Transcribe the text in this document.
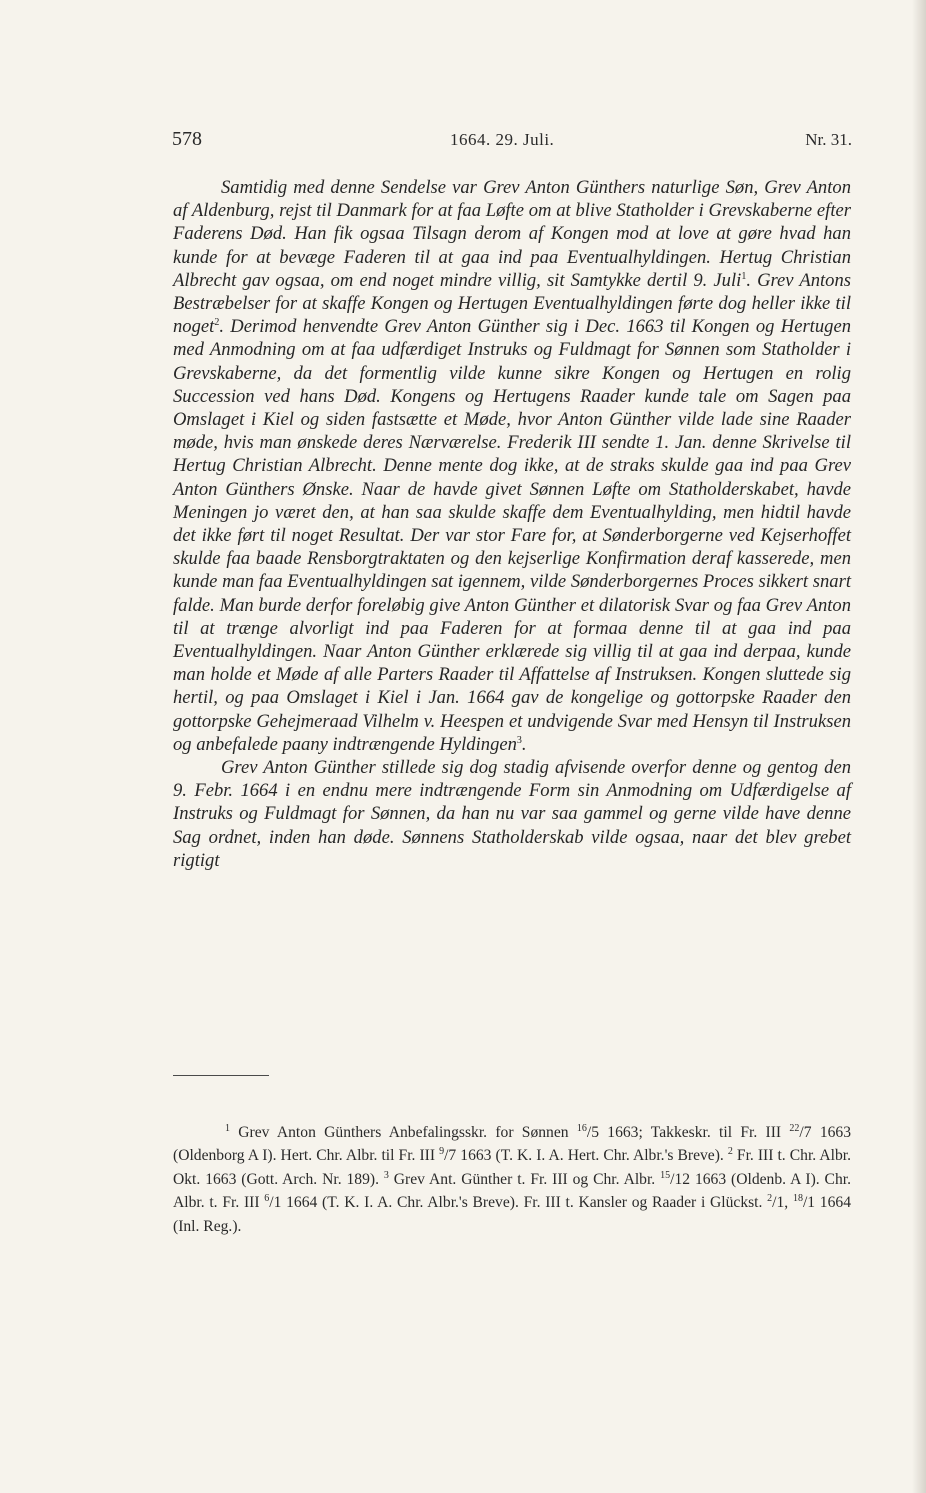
578	1664. 29. Juli.	Nr. 31.

Samtidig med denne Sendelse var Grev Anton Günthers naturlige Søn, Grev Anton af Aldenburg, rejst til Danmark for at faa Løfte om at blive Statholder i Grevskaberne efter Faderens Død. Han fik ogsaa Tilsagn derom af Kongen mod at love at gøre hvad han kunde for at bevæge Faderen til at gaa ind paa Eventualhyldingen. Hertug Christian Albrecht gav ogsaa, om end noget mindre villig, sit Samtykke dertil 9. Juli$^1$. Grev Antons Bestræbelser for at skaffe Kongen og Hertugen Eventualhyldingen førte dog heller ikke til noget$^2$. Derimod henvendte Grev Anton Günther sig i Dec. 1663 til Kongen og Hertugen med Anmodning om at faa udfærdiget Instruks og Fuldmagt for Sønnen som Statholder i Grevskaberne, da det formentlig vilde kunne sikre Kongen og Hertugen en rolig Succession ved hans Død. Kongens og Hertugens Raader kunde tale om Sagen paa Omslaget i Kiel og siden fastsætte et Møde, hvor Anton Günther vilde lade sine Raader møde, hvis man ønskede deres Nærværelse. Frederik III sendte 1. Jan. denne Skrivelse til Hertug Christian Albrecht. Denne mente dog ikke, at de straks skulde gaa ind paa Grev Anton Günthers Ønske. Naar de havde givet Sønnen Løfte om Statholderskabet, havde Meningen jo været den, at han saa skulde skaffe dem Eventualhylding, men hidtil havde det ikke ført til noget Resultat. Der var stor Fare for, at Sønderborgerne ved Kejserhoffet skulde faa baade Rensborgtraktaten og den kejserlige Konfirmation deraf kasserede, men kunde man faa Eventualhyldingen sat igennem, vilde Sønderborgernes Proces sikkert snart falde. Man burde derfor foreløbig give Anton Günther et dilatorisk Svar og faa Grev Anton til at trænge alvorligt ind paa Faderen for at formaa denne til at gaa ind paa Eventualhyldingen. Naar Anton Günther erklærede sig villig til at gaa ind derpaa, kunde man holde et Møde af alle Parters Raader til Affattelse af Instruksen. Kongen sluttede sig hertil, og paa Omslaget i Kiel i Jan. 1664 gav de kongelige og gottorpske Raader den gottorpske Gehejmeraad Vilhelm v. Heespen et undvigende Svar med Hensyn til Instruksen og anbefalede paany indtrængende Hyldingen$^3$.

Grev Anton Günther stillede sig dog stadig afvisende overfor denne og gentog den 9. Febr. 1664 i en endnu mere indtrængende Form sin Anmodning om Udfærdigelse af Instruks og Fuldmagt for Sønnen, da han nu var saa gammel og gerne vilde have denne Sag ordnet, inden han døde. Sønnens Statholderskab vilde ogsaa, naar det blev grebet rigtigt

$^1$ Grev Anton Günthers Anbefalingsskr. for Sønnen $^{16}$/5 1663; Takkeskr. til Fr. III $^{22}$/7 1663 (Oldenborg A I). Hert. Chr. Albr. til Fr. III $^9$/7 1663 (T. K. I. A. Hert. Chr. Albr.'s Breve). $^2$ Fr. III t. Chr. Albr. Okt. 1663 (Gott. Arch. Nr. 189). $^3$ Grev Ant. Günther t. Fr. III og Chr. Albr. $^{15}$/12 1663 (Oldenb. A I). Chr. Albr. t. Fr. III $^6$/1 1664 (T. K. I. A. Chr. Albr.'s Breve). Fr. III t. Kansler og Raader i Glückst. $^2$/1, $^{18}$/1 1664 (Inl. Reg.).
